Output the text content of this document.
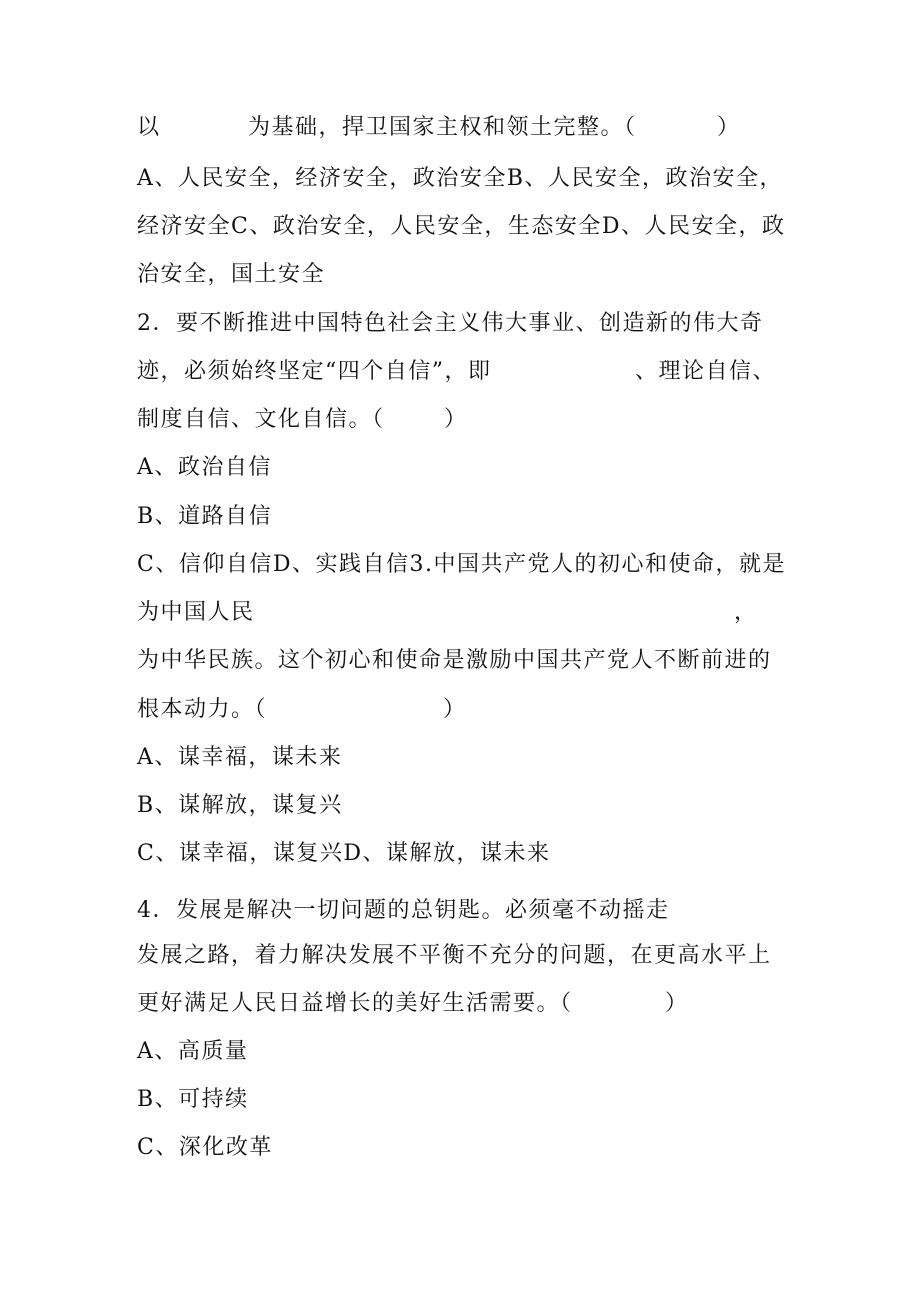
以	为基础，捍卫国家主权和领土完整。（	）
A、人民安全，经济安全，政治安全B、人民安全，政治安全，
经济安全C、政治安全，人民安全，生态安全D、人民安全，政
治安全，国土安全
2．要不断推进中国特色社会主义伟大事业、创造新的伟大奇
迹，必须始终坚定“四个自信”，即	、理论自信、
制度自信、文化自信。（	）
A、政治自信
B、道路自信
C、信仰自信D、实践自信3.中国共产党人的初心和使命，就是
为中国人民	，
为中华民族。这个初心和使命是激励中国共产党人不断前进的
根本动力。（	）
A、谋幸福，谋未来
B、谋解放，谋复兴
C、谋幸福，谋复兴D、谋解放，谋未来
4．发展是解决一切问题的总钥匙。必须毫不动摇走
发展之路，着力解决发展不平衡不充分的问题，在更高水平上
更好满足人民日益增长的美好生活需要。（	）
A、高质量
B、可持续
C、深化改革
